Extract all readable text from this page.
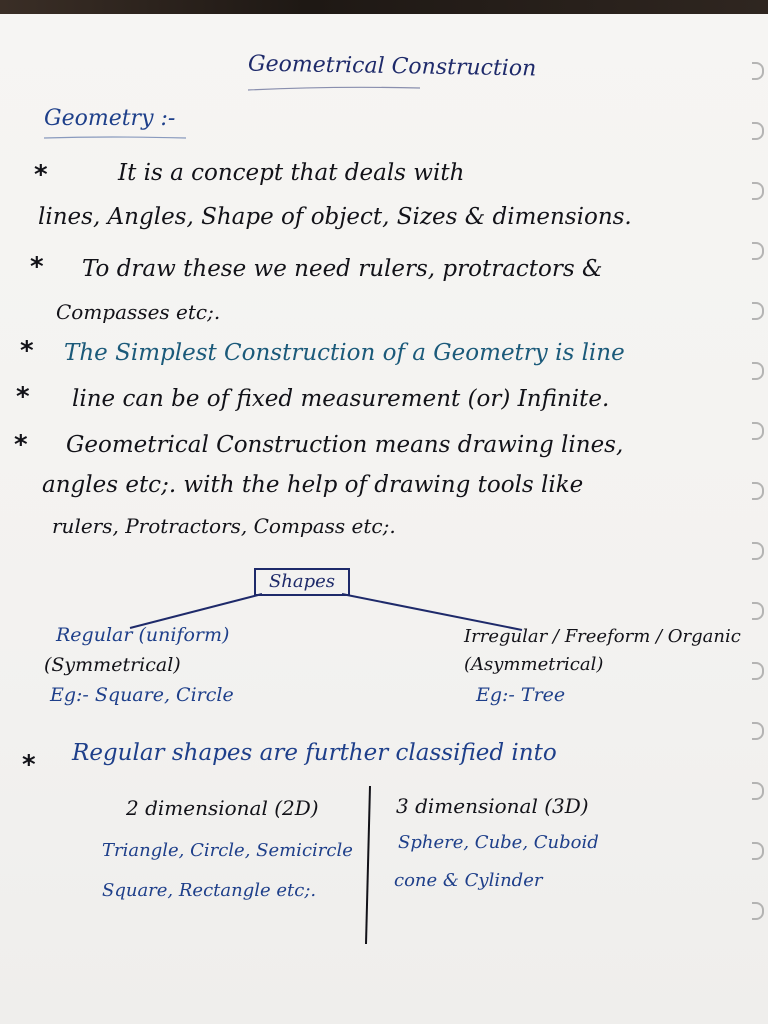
Geometrical Construction
Geometry :-
*	It is a concept that deals with
lines, Angles, Shape of object, Sizes & dimensions.
* To draw these we need rulers, protractors &
Compasses etc;.
* The Simplest Construction of a Geometry is line
* line can be of fixed measurement (or) Infinite.
* Geometrical Construction means drawing lines,
angles etc;. with the help of drawing tools like
rulers, Protractors, Compass etc;.
Shapes
Regular (uniform)
(Symmetrical)
Eg:- Square, Circle
Irregular / Freeform / Organic
(Asymmetrical)
Eg:- Tree
* Regular shapes are further classified into
2 dimensional (2D)
Triangle, Circle, Semicircle
Square, Rectangle etc;.
3 dimensional (3D)
Sphere, Cube, Cuboid
cone & Cylinder
